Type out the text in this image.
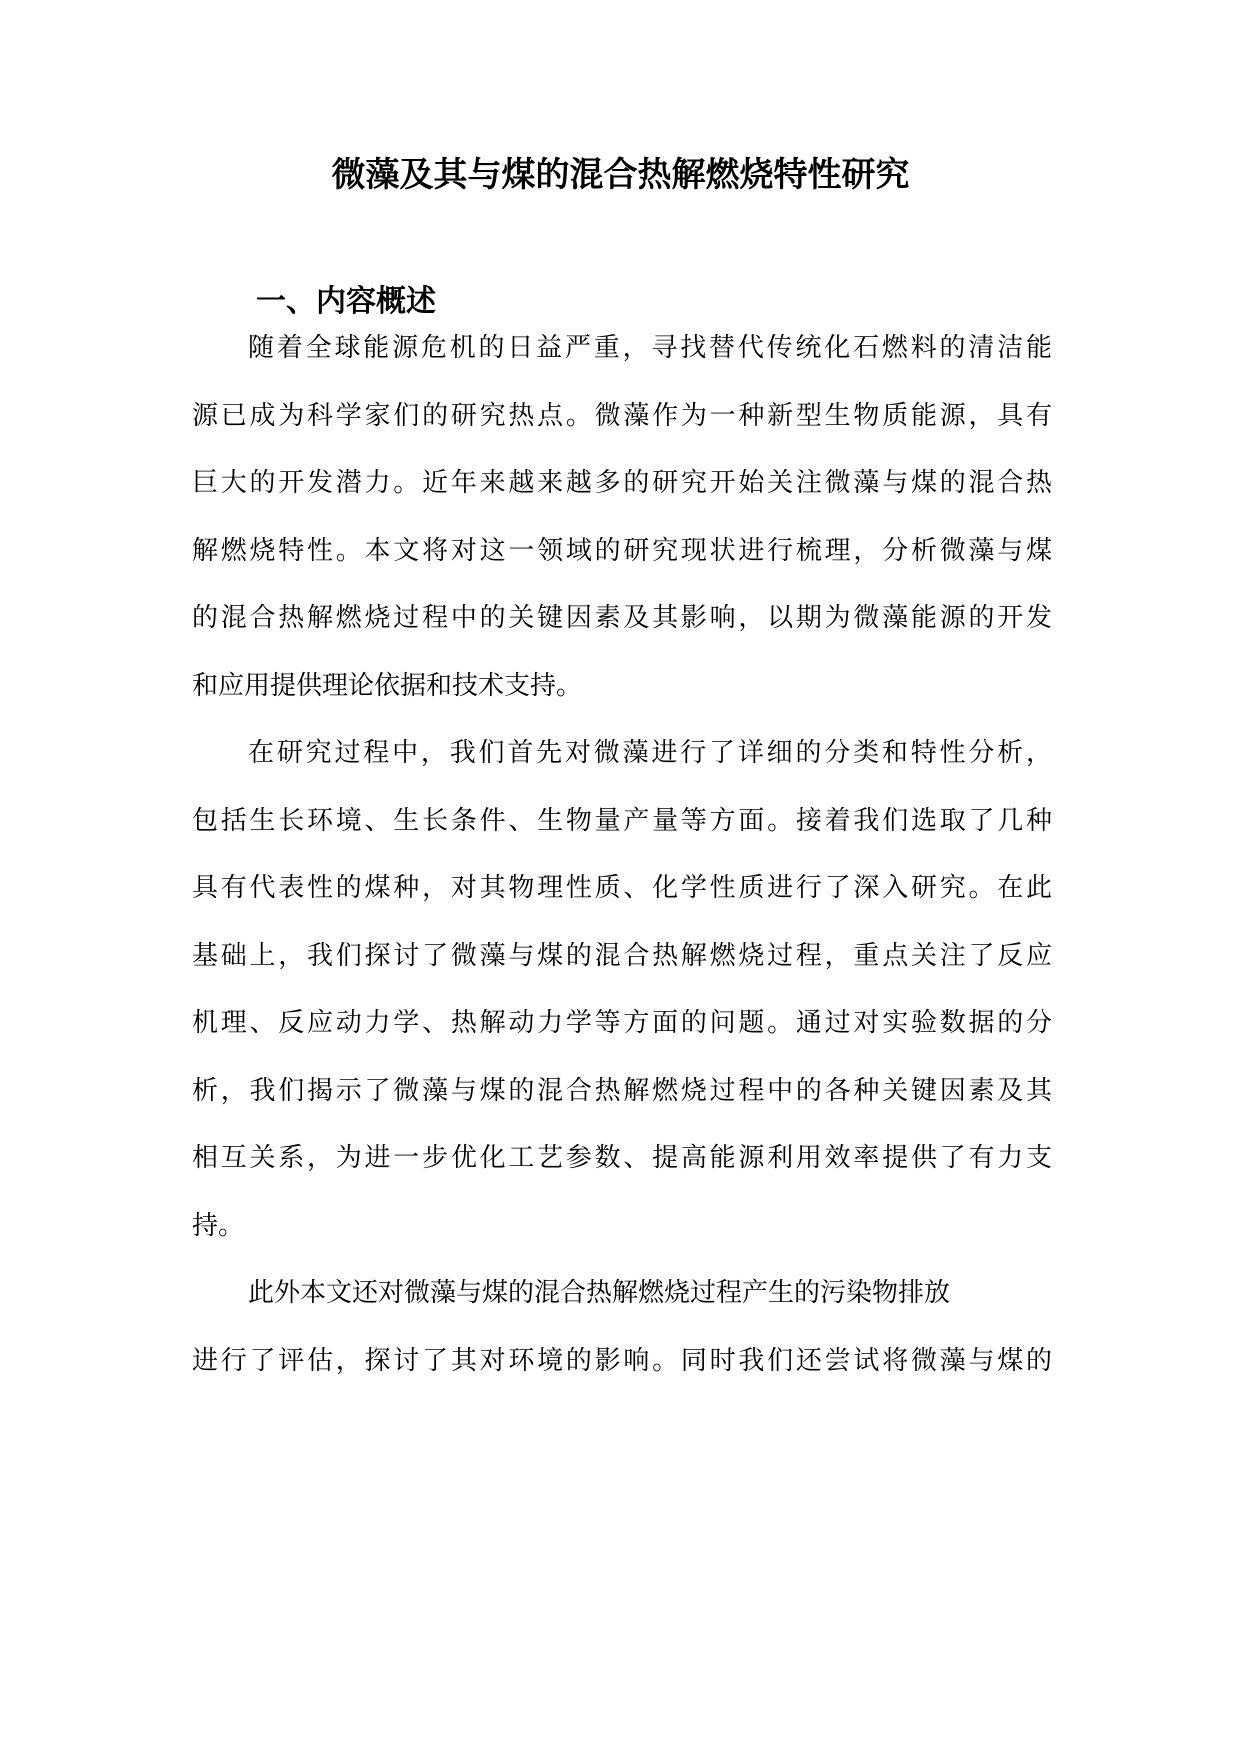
微藻及其与煤的混合热解燃烧特性研究
一、内容概述
随着全球能源危机的日益严重，寻找替代传统化石燃料的清洁能
源已成为科学家们的研究热点。微藻作为一种新型生物质能源，具有
巨大的开发潜力。近年来越来越多的研究开始关注微藻与煤的混合热
解燃烧特性。本文将对这一领域的研究现状进行梳理，分析微藻与煤
的混合热解燃烧过程中的关键因素及其影响，以期为微藻能源的开发
和应用提供理论依据和技术支持。
在研究过程中，我们首先对微藻进行了详细的分类和特性分析，
包括生长环境、生长条件、生物量产量等方面。接着我们选取了几种
具有代表性的煤种，对其物理性质、化学性质进行了深入研究。在此
基础上，我们探讨了微藻与煤的混合热解燃烧过程，重点关注了反应
机理、反应动力学、热解动力学等方面的问题。通过对实验数据的分
析，我们揭示了微藻与煤的混合热解燃烧过程中的各种关键因素及其
相互关系，为进一步优化工艺参数、提高能源利用效率提供了有力支
持。
此外本文还对微藻与煤的混合热解燃烧过程产生的污染物排放
进行了评估，探讨了其对环境的影响。同时我们还尝试将微藻与煤的
